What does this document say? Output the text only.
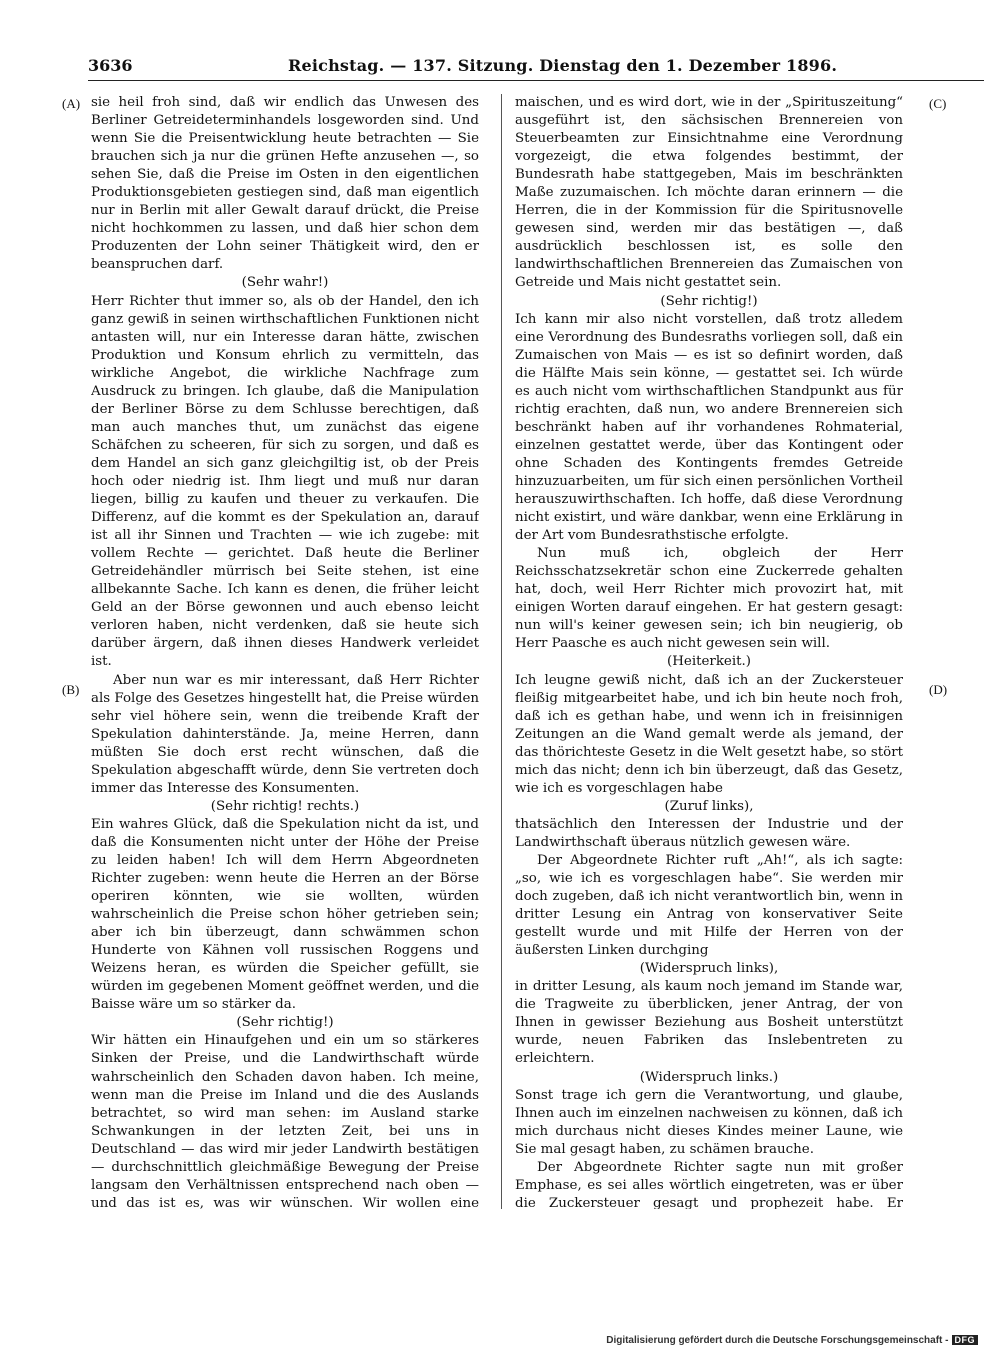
3636	Reichstag. — 137. Sitzung. Dienstag den 1. Dezember 1896.
(A)
(B)
(C)
(D)

sie heil froh sind, daß wir endlich das Unwesen des Berliner Getreideterminhandels losgeworden sind. Und wenn Sie die Preisentwicklung heute betrachten — Sie brauchen sich ja nur die grünen Hefte anzusehen —, so sehen Sie, daß die Preise im Osten in den eigentlichen Produktionsgebieten gestiegen sind, daß man eigentlich nur in Berlin mit aller Gewalt darauf drückt, die Preise nicht hochkommen zu lassen, und daß hier schon dem Produzenten der Lohn seiner Thätigkeit wird, den er beanspruchen darf.

(Sehr wahr!)

Herr Richter thut immer so, als ob der Handel, den ich ganz gewiß in seinen wirthschaftlichen Funktionen nicht antasten will, nur ein Interesse daran hätte, zwischen Produktion und Konsum ehrlich zu vermitteln, das wirkliche Angebot, die wirkliche Nachfrage zum Ausdruck zu bringen. Ich glaube, daß die Manipulation der Berliner Börse zu dem Schlusse berechtigen, daß man auch manches thut, um zunächst das eigene Schäfchen zu scheeren, für sich zu sorgen, und daß es dem Handel an sich ganz gleichgiltig ist, ob der Preis hoch oder niedrig ist. Ihm liegt und muß nur daran liegen, billig zu kaufen und theuer zu verkaufen. Die Differenz, auf die kommt es der Spekulation an, darauf ist all ihr Sinnen und Trachten — wie ich zugebe: mit vollem Rechte — gerichtet. Daß heute die Berliner Getreidehändler mürrisch bei Seite stehen, ist eine allbekannte Sache. Ich kann es denen, die früher leicht Geld an der Börse gewonnen und auch ebenso leicht verloren haben, nicht verdenken, daß sie heute sich darüber ärgern, daß ihnen dieses Handwerk verleidet ist.

Aber nun war es mir interessant, daß Herr Richter als Folge des Gesetzes hingestellt hat, die Preise würden sehr viel höhere sein, wenn die treibende Kraft der Spekulation dahinterstände. Ja, meine Herren, dann müßten Sie doch erst recht wünschen, daß die Spekulation abgeschafft würde, denn Sie vertreten doch immer das Interesse des Konsumenten.

(Sehr richtig! rechts.)

Ein wahres Glück, daß die Spekulation nicht da ist, und daß die Konsumenten nicht unter der Höhe der Preise zu leiden haben! Ich will dem Herrn Abgeordneten Richter zugeben: wenn heute die Herren an der Börse operiren könnten, wie sie wollten, würden wahrscheinlich die Preise schon höher getrieben sein; aber ich bin überzeugt, dann schwämmen schon Hunderte von Kähnen voll russischen Roggens und Weizens heran, es würden die Speicher gefüllt, sie würden im gegebenen Moment geöffnet werden, und die Baisse wäre um so stärker da.

(Sehr richtig!)

Wir hätten ein Hinaufgehen und ein um so stärkeres Sinken der Preise, und die Landwirthschaft würde wahrscheinlich den Schaden davon haben. Ich meine, wenn man die Preise im Inland und die des Auslands betrachtet, so wird man sehen: im Ausland starke Schwankungen in der letzten Zeit, bei uns in Deutschland — das wird mir jeder Landwirth bestätigen — durchschnittlich gleichmäßige Bewegung der Preise langsam den Verhältnissen entsprechend nach oben — und das ist es, was wir wünschen. Wir wollen eine

maischen, und es wird dort, wie in der „Spirituszeitung“ ausgeführt ist, den sächsischen Brennereien von Steuerbeamten zur Einsichtnahme eine Verordnung vorgezeigt, die etwa folgendes bestimmt, der Bundesrath habe stattgegeben, Mais im beschränkten Maße zuzumaischen. Ich möchte daran erinnern — die Herren, die in der Kommission für die Spiritusnovelle gewesen sind, werden mir das bestätigen —, daß ausdrücklich beschlossen ist, es solle den landwirthschaftlichen Brennereien das Zumaischen von Getreide und Mais nicht gestattet sein.

(Sehr richtig!)

Ich kann mir also nicht vorstellen, daß trotz alledem eine Verordnung des Bundesraths vorliegen soll, daß ein Zumaischen von Mais — es ist so definirt worden, daß die Hälfte Mais sein könne, — gestattet sei. Ich würde es auch nicht vom wirthschaftlichen Standpunkt aus für richtig erachten, daß nun, wo andere Brennereien sich beschränkt haben auf ihr vorhandenes Rohmaterial, einzelnen gestattet werde, über das Kontingent oder ohne Schaden des Kontingents fremdes Getreide hinzuzuarbeiten, um für sich einen persönlichen Vortheil herauszuwirthschaften. Ich hoffe, daß diese Verordnung nicht existirt, und wäre dankbar, wenn eine Erklärung in der Art vom Bundesrathstische erfolgte.

Nun muß ich, obgleich der Herr Reichsschatzsekretär schon eine Zuckerrede gehalten hat, doch, weil Herr Richter mich provozirt hat, mit einigen Worten darauf eingehen. Er hat gestern gesagt: nun will's keiner gewesen sein; ich bin neugierig, ob Herr Paasche es auch nicht gewesen sein will.

(Heiterkeit.)

Ich leugne gewiß nicht, daß ich an der Zuckersteuer fleißig mitgearbeitet habe, und ich bin heute noch froh, daß ich es gethan habe, und wenn ich in freisinnigen Zeitungen an die Wand gemalt werde als jemand, der das thörichteste Gesetz in die Welt gesetzt habe, so stört mich das nicht; denn ich bin überzeugt, daß das Gesetz, wie ich es vorgeschlagen habe

(Zuruf links),

thatsächlich den Interessen der Industrie und der Landwirthschaft überaus nützlich gewesen wäre.

Der Abgeordnete Richter ruft „Ah!“, als ich sagte: „so, wie ich es vorgeschlagen habe“. Sie werden mir doch zugeben, daß ich nicht verantwortlich bin, wenn in dritter Lesung ein Antrag von konservativer Seite gestellt wurde und mit Hilfe der Herren von der äußersten Linken durchging

(Widerspruch links),

in dritter Lesung, als kaum noch jemand im Stande war, die Tragweite zu überblicken, jener Antrag, der von Ihnen in gewisser Beziehung aus Bosheit unterstützt wurde, neuen Fabriken das Inslebentreten zu erleichtern.

(Widerspruch links.)

Sonst trage ich gern die Verantwortung, und glaube, Ihnen auch im einzelnen nachweisen zu können, daß ich mich durchaus nicht dieses Kindes meiner Laune, wie Sie mal gesagt haben, zu schämen brauche.

Der Abgeordnete Richter sagte nun mit großer Emphase, es sei alles wörtlich eingetreten, was er über die Zuckersteuer gesagt und prophezeit habe. Er

Digitalisierung gefördert durch die Deutsche Forschungsgemeinschaft - DFG
